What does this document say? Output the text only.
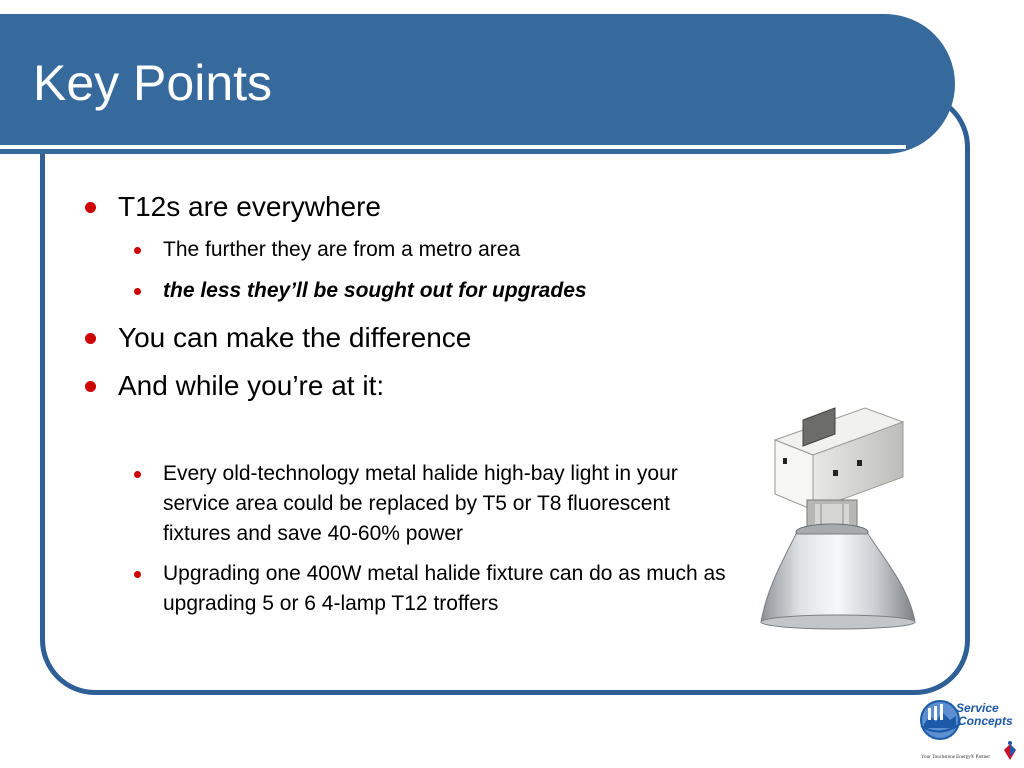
Key Points

T12s are everywhere

The further they are from a metro area

the less they’ll be sought out for upgrades

You can make the difference

And while you’re at it:

Every old-technology metal halide high-bay light in your service area could be replaced by T5 or T8 fluorescent fixtures and save 40-60% power

Upgrading one 400W metal halide fixture can do as much as upgrading 5 or 6 4-lamp T12 troffers

Service
Concepts
Your Touchstone Energy® Partner
